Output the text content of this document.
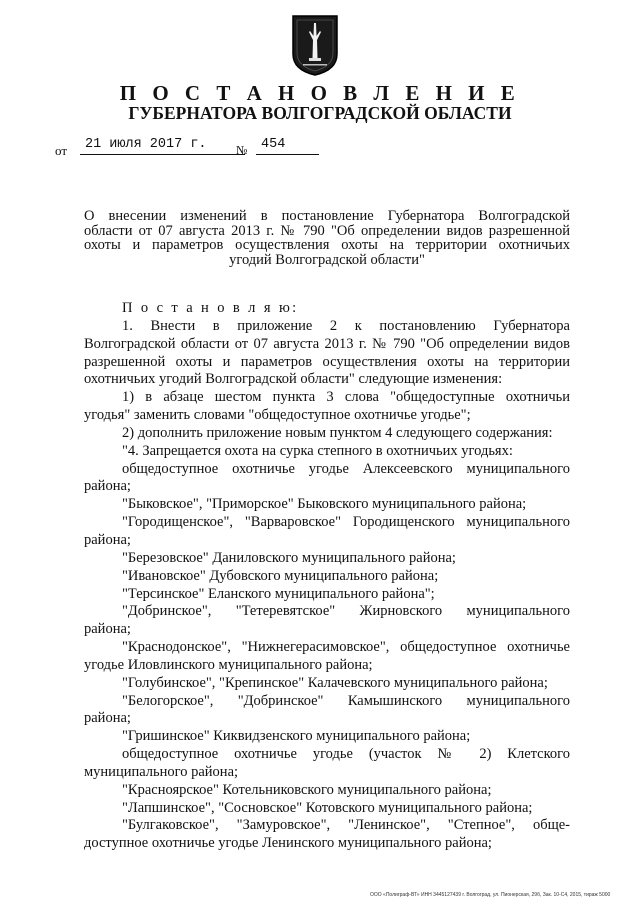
П О С Т А Н О В Л Е Н И Е
ГУБЕРНАТОРА ВОЛГОГРАДСКОЙ ОБЛАСТИ
от	21 июля 2017 г.	№	454
О внесении изменений в постановление Губернатора Волгоградской
области от 07 августа 2013 г. № 790 "Об определении видов разрешенной
охоты и параметров осуществления охоты на территории охотничьих
угодий Волгоградской области"
П о с т а н о в л я ю:
1. Внести в приложение 2 к постановлению Губернатора
Волгоградской области от 07 августа 2013 г. № 790 "Об определении видов
разрешенной охоты и параметров осуществления охоты на территории
охотничьих угодий Волгоградской области" следующие изменения:
1) в абзаце шестом пункта 3 слова "общедоступные охотничьи
угодья" заменить словами "общедоступное охотничье угодье";
2) дополнить приложение новым пунктом 4 следующего содержания:
"4. Запрещается охота на сурка степного в охотничьих угодьях:
общедоступное охотничье угодье Алексеевского муниципального
района;
"Быковское", "Приморское" Быковского муниципального района;
"Городищенское", "Варваровское" Городищенского муниципального
района;
"Березовское" Даниловского муниципального района;
"Ивановское" Дубовского муниципального района;
"Терсинское" Еланского муниципального района";
"Добринское", "Тетеревятское" Жирновского муниципального
района;
"Краснодонское", "Нижнегерасимовское", общедоступное охотничье
угодье Иловлинского муниципального района;
"Голубинское", "Крепинское" Калачевского муниципального района;
"Белогорское", "Добринское" Камышинского муниципального
района;
"Гришинское" Киквидзенского муниципального района;
общедоступное охотничье угодье (участок № 2) Клетского
муниципального района;
"Красноярское" Котельниковского муниципального района;
"Лапшинское", "Сосновское" Котовского муниципального района;
"Булгаковское", "Замуровское", "Ленинское", "Степное", обще-
доступное охотничье угодье Ленинского муниципального района;
ООО «Полиграф-ВТ» ИНН 3445127439 г. Волгоград, ул. Пионерская, 29б, Зак. 10-С4, 2015, тираж 5000
